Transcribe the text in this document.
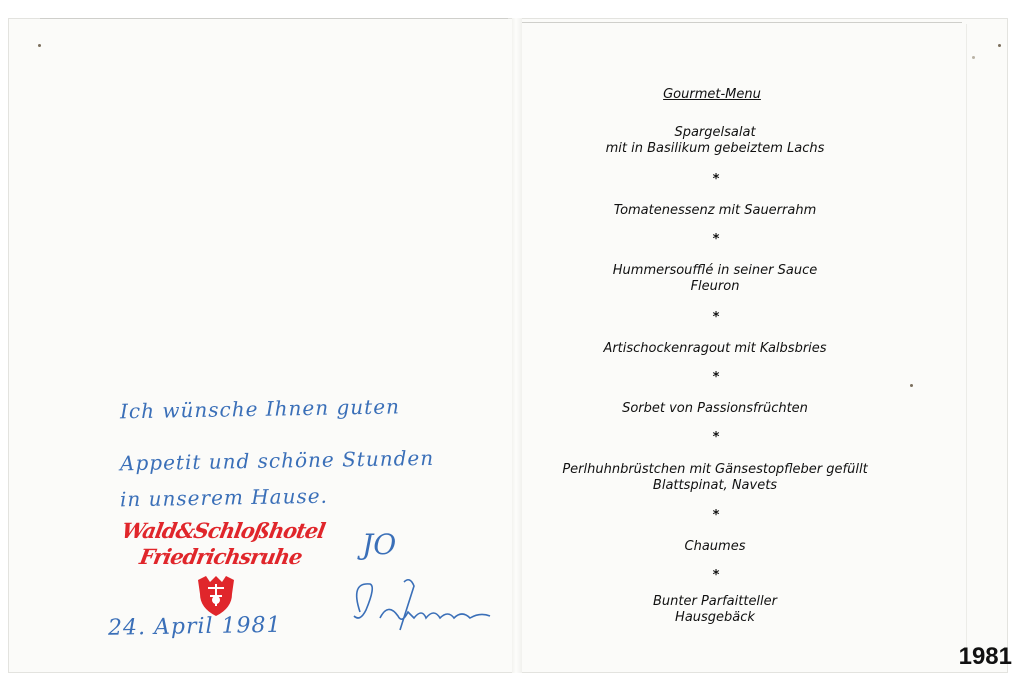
Gourmet-Menu
Spargelsalat
mit in Basilikum gebeiztem Lachs
*
Tomatenessenz mit Sauerrahm
*
Hummersoufflé in seiner Sauce
Fleuron
*
Artischockenragout mit Kalbsbries
*
Sorbet von Passionsfrüchten
*
Perlhuhnbrüstchen mit Gänsestopfleber gefüllt
Blattspinat, Navets
*
Chaumes
*
Bunter Parfaitteller
Hausgebäck
Ich wünsche Ihnen guten
Appetit und schöne Stunden
in unserem Hause.
Wald&Schloßhotel
Friedrichsruhe
24. April 1981
JO
1981
